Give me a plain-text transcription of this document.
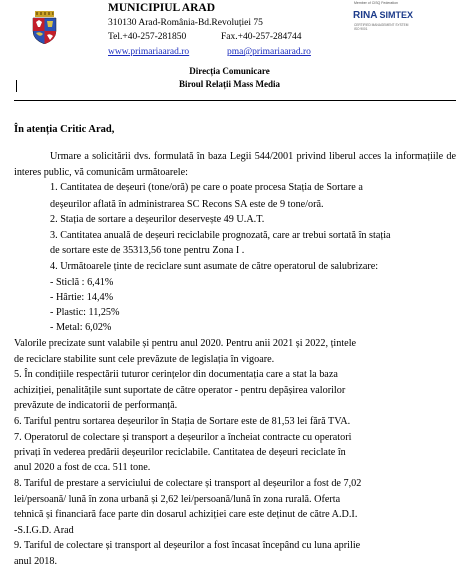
MUNICIPIUL ARAD
310130 Arad-România-Bd.Revoluției 75
Tel.+40-257-281850	Fax.+40-257-284744
www.primariaarad.ro	pma@primariaarad.ro
Member of CISQ Federation
RINA SIMTEX
CERTIFIED MANAGEMENT SYSTEM
ISO 9001
Direcția Comunicare
Biroul Relații Mass Media
În atenția Critic Arad,
Urmare a solicitării dvs. formulată în baza Legii 544/2001 privind liberul acces la informațiile de interes public, vă comunicăm următoarele:
1. Cantitatea de deșeuri (tone/oră) pe care o poate procesa Stația de Sortare a
deșeurilor aflată în administrarea SC Recons SA este de 9 tone/oră.
2. Stația de sortare a deșeurilor deservește 49 U.A.T.
3. Cantitatea anuală de deșeuri reciclabile prognozată, care ar trebui sortată în stația
de sortare este de 35313,56 tone pentru Zona I .
4. Următoarele ținte de reciclare sunt asumate de către operatorul de salubrizare:
- Sticlă : 6,41%
- Hârtie: 14,4%
- Plastic: 11,25%
- Metal: 6,02%
Valorile precizate sunt valabile și pentru anul 2020. Pentru anii 2021 și 2022, țintele
de reciclare stabilite sunt cele prevăzute de legislația în vigoare.
5. În condițiile respectării tuturor cerințelor din documentația care a stat la baza
achiziției, penalitățile sunt suportate de către operator - pentru depășirea valorilor
prevăzute de indicatorii de performanță.
6. Tariful pentru sortarea deșeurilor în Stația de Sortare este de 81,53 lei fără TVA.
7. Operatorul de colectare și transport a deșeurilor a încheiat contracte cu operatori
privați în vederea predării deșeurilor reciclabile. Cantitatea de deșeuri reciclate în
anul 2020 a fost de cca. 511 tone.
8. Tariful de prestare a serviciului de colectare și transport al deșeurilor a fost de 7,02
lei/persoană/ lună în zona urbană și 2,62 lei/persoană/lună în zona rurală. Oferta
tehnică și financiară face parte din dosarul achiziției care este deținut de către A.D.I.
-S.I.G.D. Arad
9. Tariful de colectare și transport al deșeurilor a fost încasat începând cu luna aprilie
anul 2018.
